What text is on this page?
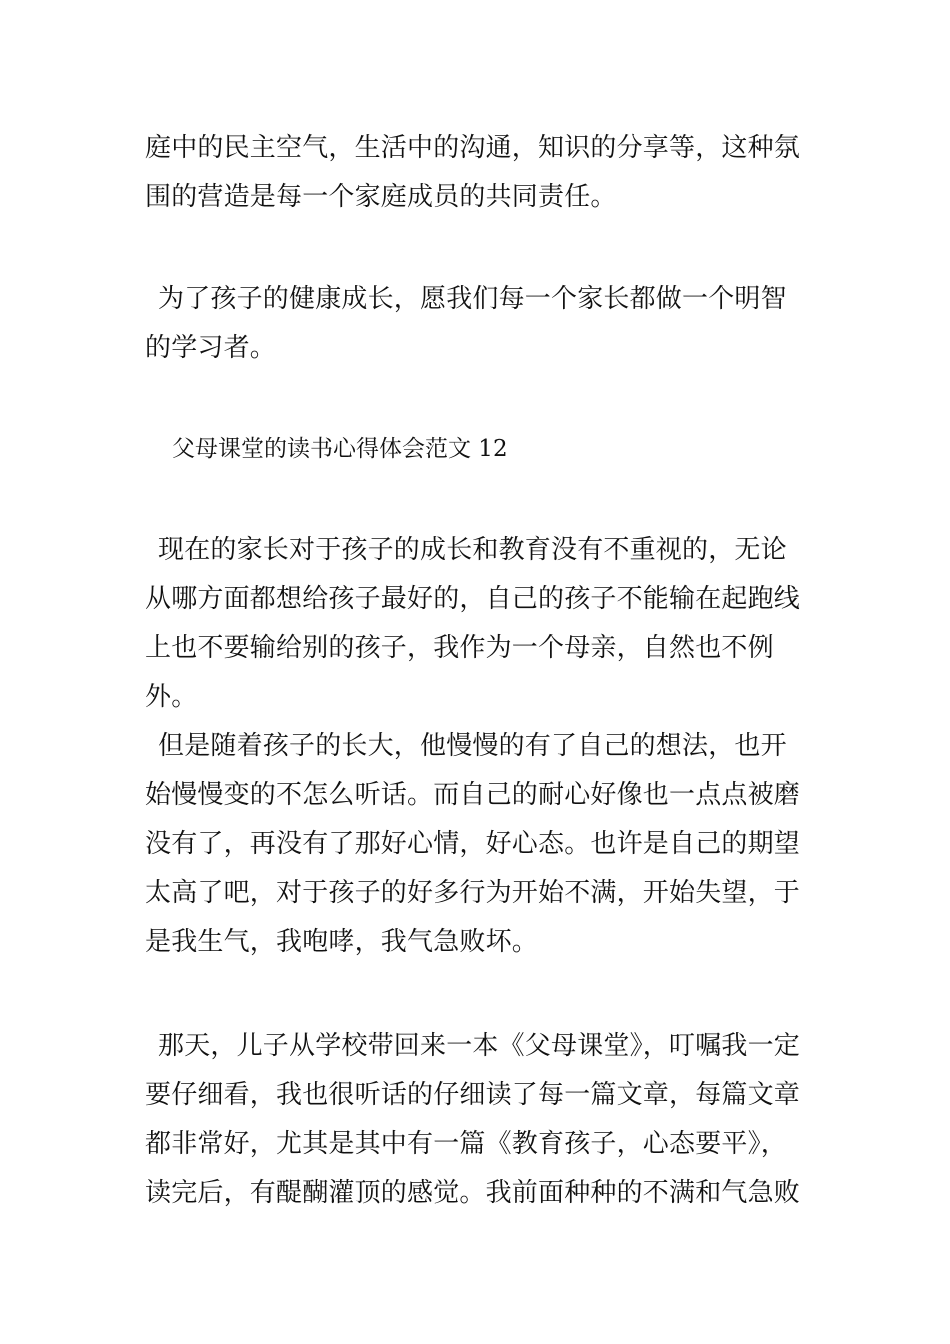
庭中的民主空气，生活中的沟通，知识的分享等，这种氛围的营造是每一个家庭成员的共同责任。

为了孩子的健康成长，愿我们每一个家长都做一个明智的学习者。

父母课堂的读书心得体会范文 12

现在的家长对于孩子的成长和教育没有不重视的，无论从哪方面都想给孩子最好的，自己的孩子不能输在起跑线上也不要输给别的孩子，我作为一个母亲，自然也不例外。

但是随着孩子的长大，他慢慢的有了自己的想法，也开始慢慢变的不怎么听话。而自己的耐心好像也一点点被磨没有了，再没有了那好心情，好心态。也许是自己的期望太高了吧，对于孩子的好多行为开始不满，开始失望，于是我生气，我咆哮，我气急败坏。

那天，儿子从学校带回来一本《父母课堂》，叮嘱我一定要仔细看，我也很听话的仔细读了每一篇文章，每篇文章都非常好，尤其是其中有一篇《教育孩子，心态要平》，读完后，有醍醐灌顶的感觉。我前面种种的不满和气急败
